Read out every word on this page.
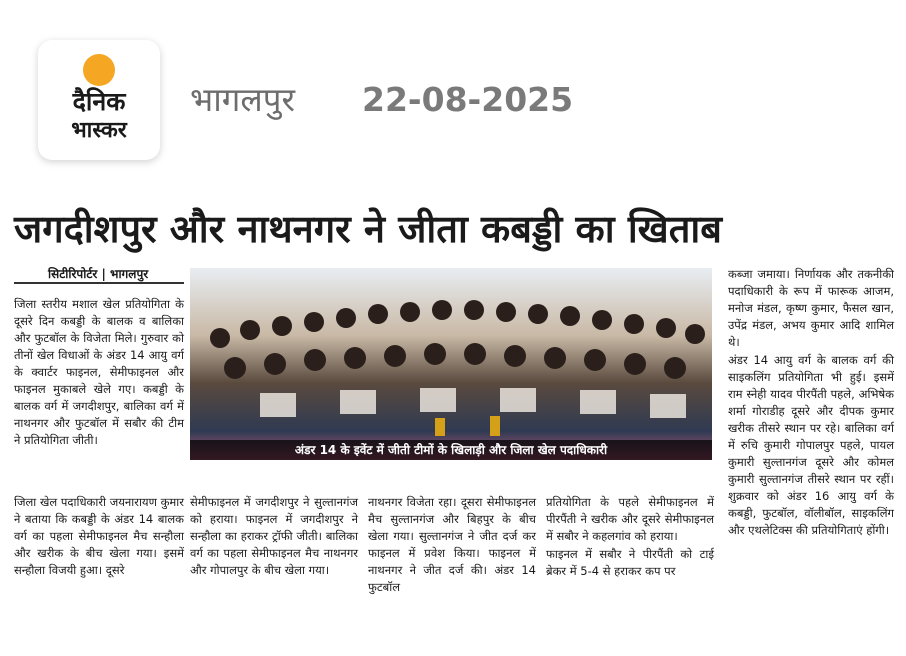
दैनिक
भास्कर
भागलपुर 22-08-2025
जगदीशपुर और नाथनगर ने जीता कबड्डी का खिताब
सिटीरिपोर्टर | भागलपुर

जिला स्तरीय मशाल खेल प्रतियोगिता के दूसरे दिन कबड्डी के बालक व बालिका और फुटबॉल के विजेता मिले। गुरुवार को तीनों खेल विधाओं के अंडर 14 आयु वर्ग के क्वार्टर फाइनल, सेमीफाइनल और फाइनल मुकाबले खेले गए। कबड्डी के बालक वर्ग में जगदीशपुर, बालिका वर्ग में नाथनगर और फुटबॉल में सबौर की टीम ने प्रतियोगिता जीती।

जिला खेल पदाधिकारी जयनारायण कुमार ने बताया कि कबड्डी के अंडर 14 बालक वर्ग का पहला सेमीफाइनल मैच सन्हौला और खरीक के बीच खेला गया। इसमें सन्हौला विजयी हुआ। दूसरे

अंडर 14 के इवेंट में जीती टीमों के खिलाड़ी और जिला खेल पदाधिकारी

सेमीफाइनल में जगदीशपुर ने सुल्तानगंज को हराया। फाइनल में जगदीशपुर ने सन्हौला का हराकर ट्रॉफी जीती। बालिका वर्ग का पहला सेमीफाइनल मैच नाथनगर और गोपालपुर के बीच खेला गया।

नाथनगर विजेता रहा। दूसरा सेमीफाइनल मैच सुल्तानगंज और बिहपुर के बीच खेला गया। सुल्तानगंज ने जीत दर्ज कर फाइनल में प्रवेश किया। फाइनल में नाथनगर ने जीत दर्ज की। अंडर 14 फुटबॉल

प्रतियोगिता के पहले सेमीफाइनल में पीरपैंती ने खरीक और दूसरे सेमीफाइनल में सबौर ने कहलगांव को हराया।

फाइनल में सबौर ने पीरपैंती को टाई ब्रेकर में 5-4 से हराकर कप पर

कब्जा जमाया। निर्णायक और तकनीकी पदाधिकारी के रूप में फारूक आजम, मनोज मंडल, कृष्ण कुमार, फैसल खान, उपेंद्र मंडल, अभय कुमार आदि शामिल थे।

अंडर 14 आयु वर्ग के बालक वर्ग की साइकलिंग प्रतियोगिता भी हुई। इसमें राम स्नेही यादव पीरपैंती पहले, अभिषेक शर्मा गोराडीह दूसरे और दीपक कुमार खरीक तीसरे स्थान पर रहे। बालिका वर्ग में रुचि कुमारी गोपालपुर पहले, पायल कुमारी सुल्तानगंज दूसरे और कोमल कुमारी सुल्तानगंज तीसरे स्थान पर रहीं। शुक्रवार को अंडर 16 आयु वर्ग के कबड्डी, फुटबॉल, वॉलीबॉल, साइकलिंग और एथलेटिक्स की प्रतियोगिताएं होंगी।
